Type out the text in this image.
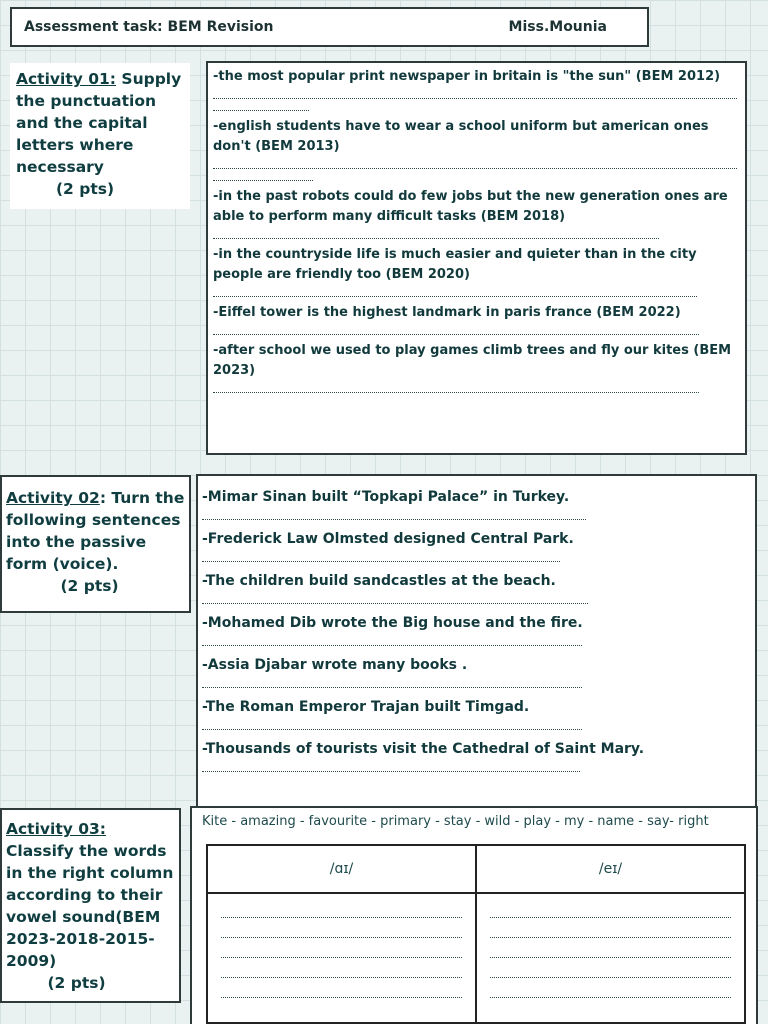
Assessment task: BEM Revision	Miss.Mounia
Activity 01: Supply the punctuation and the capital letters where necessary
(2 pts)
-the most popular print newspaper in britain is "the sun" (BEM 2012)
-english students have to wear a school uniform but american ones don't (BEM 2013)
-in the past robots could do few jobs but the new generation ones are able to perform many difficult tasks (BEM 2018)
-in the countryside life is much easier and quieter than in the city people are friendly too (BEM 2020)
-Eiffel tower is the highest landmark in paris france (BEM 2022)
-after school we used to play games climb trees and fly our kites (BEM 2023)
Activity 02: Turn the following sentences into the passive form (voice).
(2 pts)
-Mimar Sinan built “Topkapi Palace” in Turkey.
-Frederick Law Olmsted designed Central Park.
-The children build sandcastles at the beach.
-Mohamed Dib wrote the Big house and the fire.
-Assia Djabar wrote many books .
-The Roman Emperor Trajan built Timgad.
-Thousands of tourists visit the Cathedral of Saint Mary.
Activity 03: Classify the words in the right column according to their vowel sound(BEM 2023-2018-2015-2009)
(2 pts)
Kite - amazing - favourite - primary - stay - wild - play - my - name - say- right
/ɑɪ/	/eɪ/
